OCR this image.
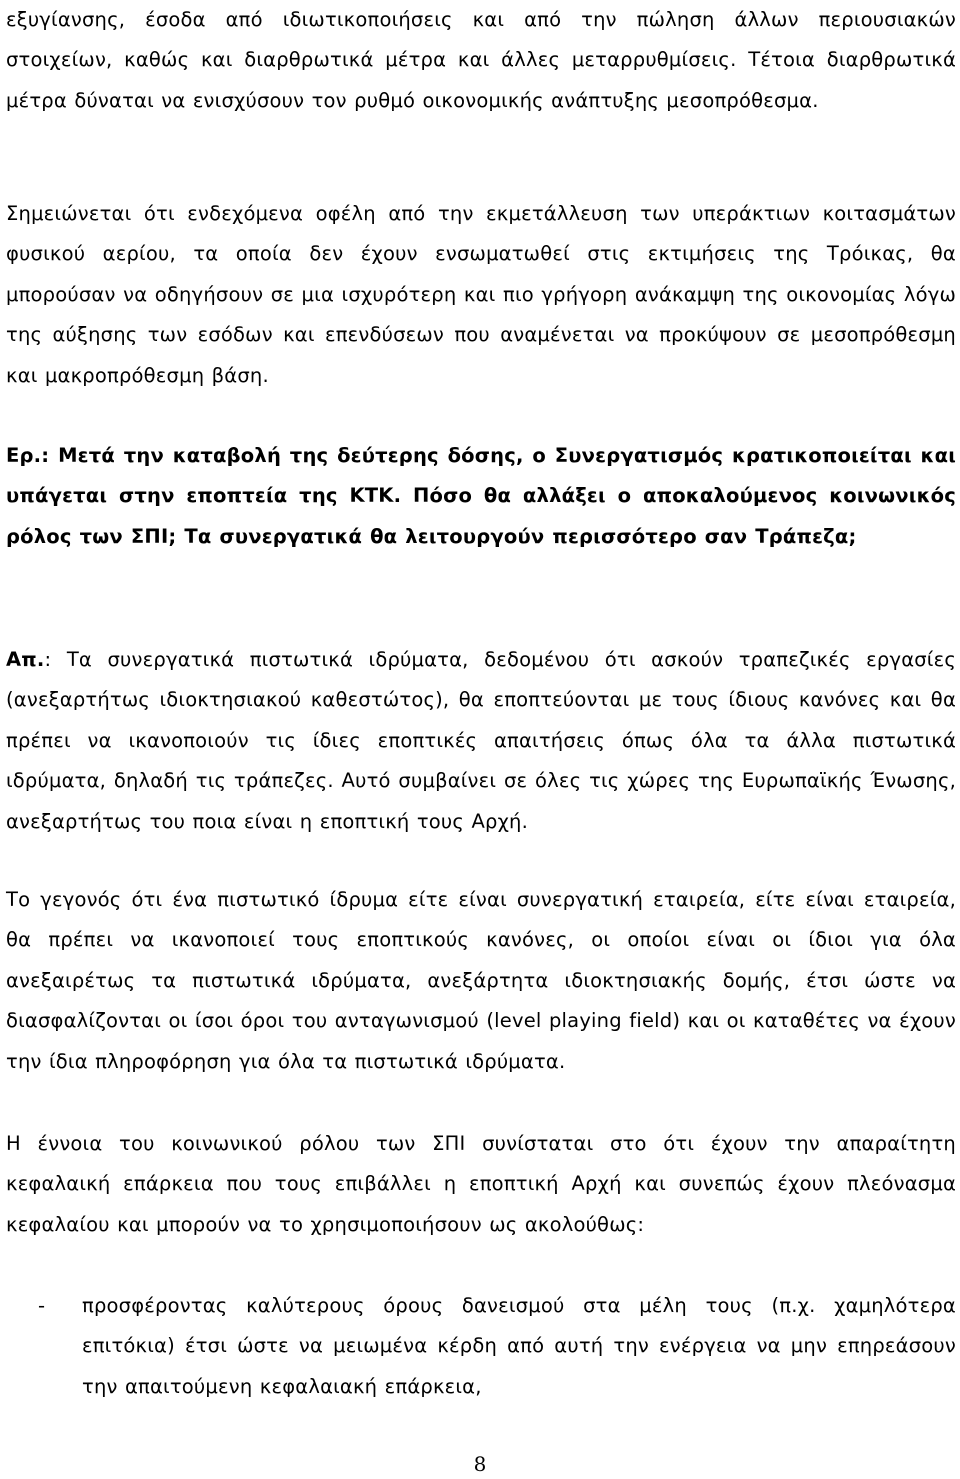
εξυγίανσης, έσοδα από ιδιωτικοποιήσεις και από την πώληση άλλων περιουσιακών στοιχείων, καθώς και διαρθρωτικά μέτρα και άλλες μεταρρυθμίσεις. Τέτοια διαρθρωτικά μέτρα δύναται να ενισχύσουν τον ρυθμό οικονομικής ανάπτυξης μεσοπρόθεσμα.

Σημειώνεται ότι ενδεχόμενα οφέλη από την εκμετάλλευση των υπεράκτιων κοιτασμάτων φυσικού αερίου, τα οποία δεν έχουν ενσωματωθεί στις εκτιμήσεις της Τρόικας, θα μπορούσαν να οδηγήσουν σε μια ισχυρότερη και πιο γρήγορη ανάκαμψη της οικονομίας λόγω της αύξησης των εσόδων και επενδύσεων που αναμένεται να προκύψουν σε μεσοπρόθεσμη και μακροπρόθεσμη βάση.

Ερ.: Μετά την καταβολή της δεύτερης δόσης, ο Συνεργατισμός κρατικοποιείται και υπάγεται στην εποπτεία της ΚΤΚ. Πόσο θα αλλάξει ο αποκαλούμενος κοινωνικός ρόλος των ΣΠΙ; Τα συνεργατικά θα λειτουργούν περισσότερο σαν Τράπεζα;

Απ.: Τα συνεργατικά πιστωτικά ιδρύματα, δεδομένου ότι ασκούν τραπεζικές εργασίες (ανεξαρτήτως ιδιοκτησιακού καθεστώτος), θα εποπτεύονται με τους ίδιους κανόνες και θα πρέπει να ικανοποιούν τις ίδιες εποπτικές απαιτήσεις όπως όλα τα άλλα πιστωτικά ιδρύματα, δηλαδή τις τράπεζες. Αυτό συμβαίνει σε όλες τις χώρες της Ευρωπαϊκής Ένωσης, ανεξαρτήτως του ποια είναι η εποπτική τους Αρχή.

Το γεγονός ότι ένα πιστωτικό ίδρυμα είτε είναι συνεργατική εταιρεία, είτε είναι εταιρεία, θα πρέπει να ικανοποιεί τους εποπτικούς κανόνες, οι οποίοι είναι οι ίδιοι για όλα ανεξαιρέτως τα πιστωτικά ιδρύματα, ανεξάρτητα ιδιοκτησιακής δομής, έτσι ώστε να διασφαλίζονται οι ίσοι όροι του ανταγωνισμού (level playing field) και οι καταθέτες να έχουν την ίδια πληροφόρηση για όλα τα πιστωτικά ιδρύματα.

Η έννοια του κοινωνικού ρόλου των ΣΠΙ συνίσταται στο ότι έχουν την απαραίτητη κεφαλαική επάρκεια που τους επιβάλλει η εποπτική Αρχή και συνεπώς έχουν πλεόνασμα κεφαλαίου και μπορούν να το χρησιμοποιήσουν ως ακολούθως:

- προσφέροντας καλύτερους όρους δανεισμού στα μέλη τους (π.χ. χαμηλότερα επιτόκια) έτσι ώστε να μειωμένα κέρδη από αυτή την ενέργεια να μην επηρεάσουν την απαιτούμενη κεφαλαιακή επάρκεια,
8
